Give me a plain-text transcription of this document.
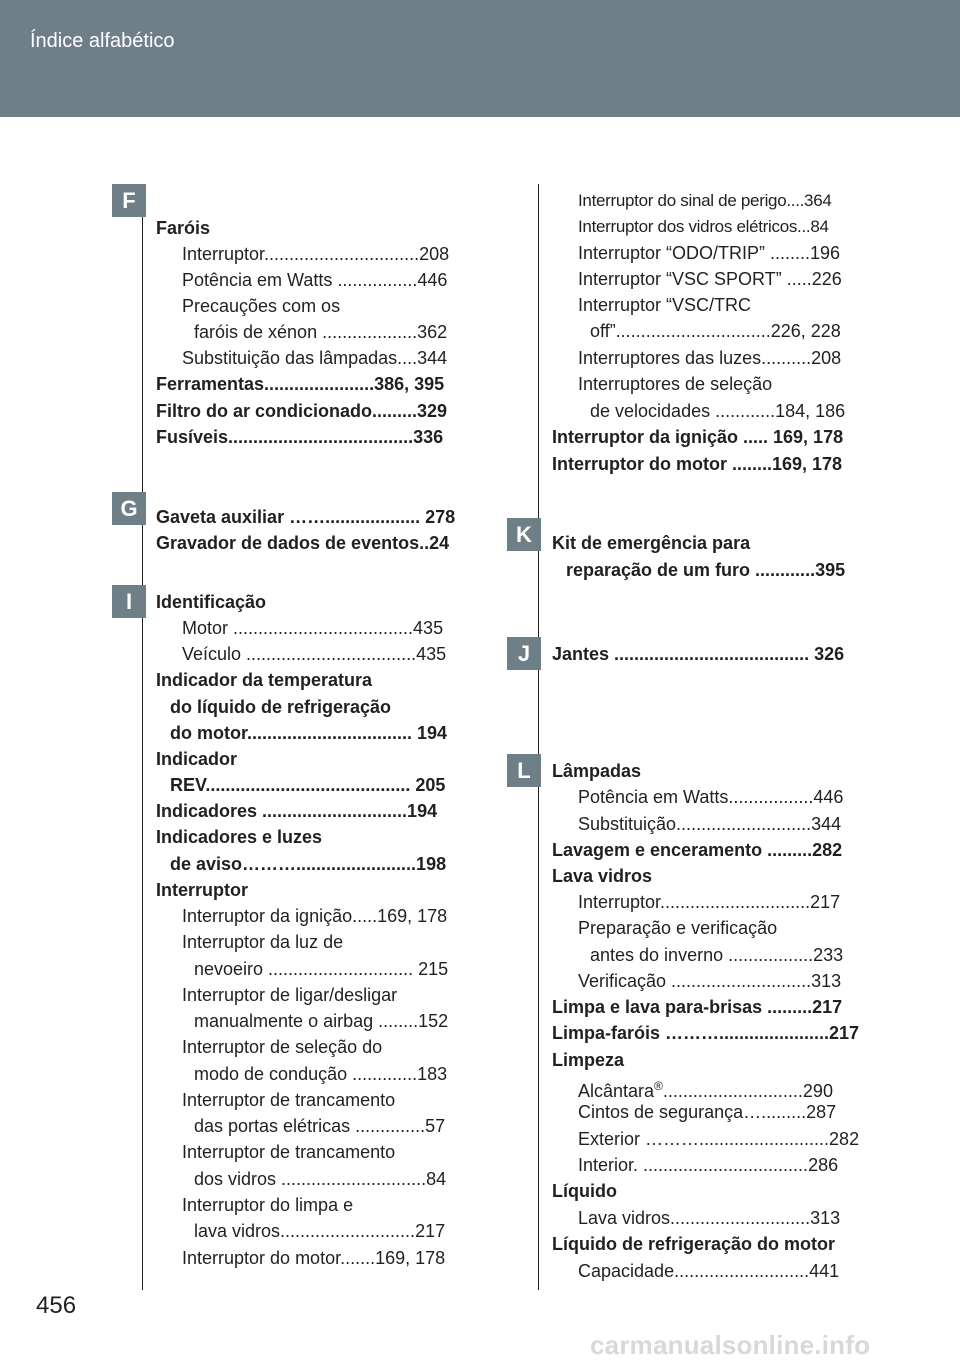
Índice alfabético
F
G
I
K
J
L
Faróis
Interruptor...............................208
Potência em Watts ................446
Precauções com os
faróis de xénon ...................362
Substituição das lâmpadas....344
Ferramentas......................386, 395
Filtro do ar condicionado.........329
Fusíveis.....................................336
Gaveta auxiliar ……................... 278
Gravador de dados de eventos..24
Identificação
Motor ....................................435
Veículo ..................................435
Indicador da temperatura
do líquido de refrigeração
do motor................................. 194
Indicador
REV......................................... 205
Indicadores .............................194
Indicadores e luzes
de aviso………........................198
Interruptor
Interruptor da ignição.....169, 178
Interruptor da luz de
nevoeiro ............................. 215
Interruptor de ligar/desligar
manualmente o airbag ........152
Interruptor de seleção do
modo de condução .............183
Interruptor de trancamento
das portas elétricas ..............57
Interruptor de trancamento
dos vidros .............................84
Interruptor do limpa e
lava vidros...........................217
Interruptor do motor.......169, 178
Interruptor do sinal de perigo....364
Interruptor dos vidros elétricos...84
Interruptor “ODO/TRIP” ........196
Interruptor “VSC SPORT” .....226
Interruptor “VSC/TRC
off”...............................226, 228
Interruptores das luzes..........208
Interruptores de seleção
de velocidades ............184, 186
Interruptor da ignição ..... 169, 178
Interruptor do motor ........169, 178
Kit de emergência para
reparação de um furo ............395
Jantes ....................................... 326
Lâmpadas
Potência em Watts.................446
Substituição...........................344
Lavagem e enceramento .........282
Lava vidros
Interruptor..............................217
Preparação e verificação
antes do inverno .................233
Verificação ............................313
Limpa e lava para-brisas .........217
Limpa-faróis ………......................217
Limpeza
Alcântara®............................290
Cintos de segurança….........287
Exterior ………..........................282
Interior. .................................286
Líquido
Lava vidros............................313
Líquido de refrigeração do motor
Capacidade...........................441
456
carmanualsonline.info
